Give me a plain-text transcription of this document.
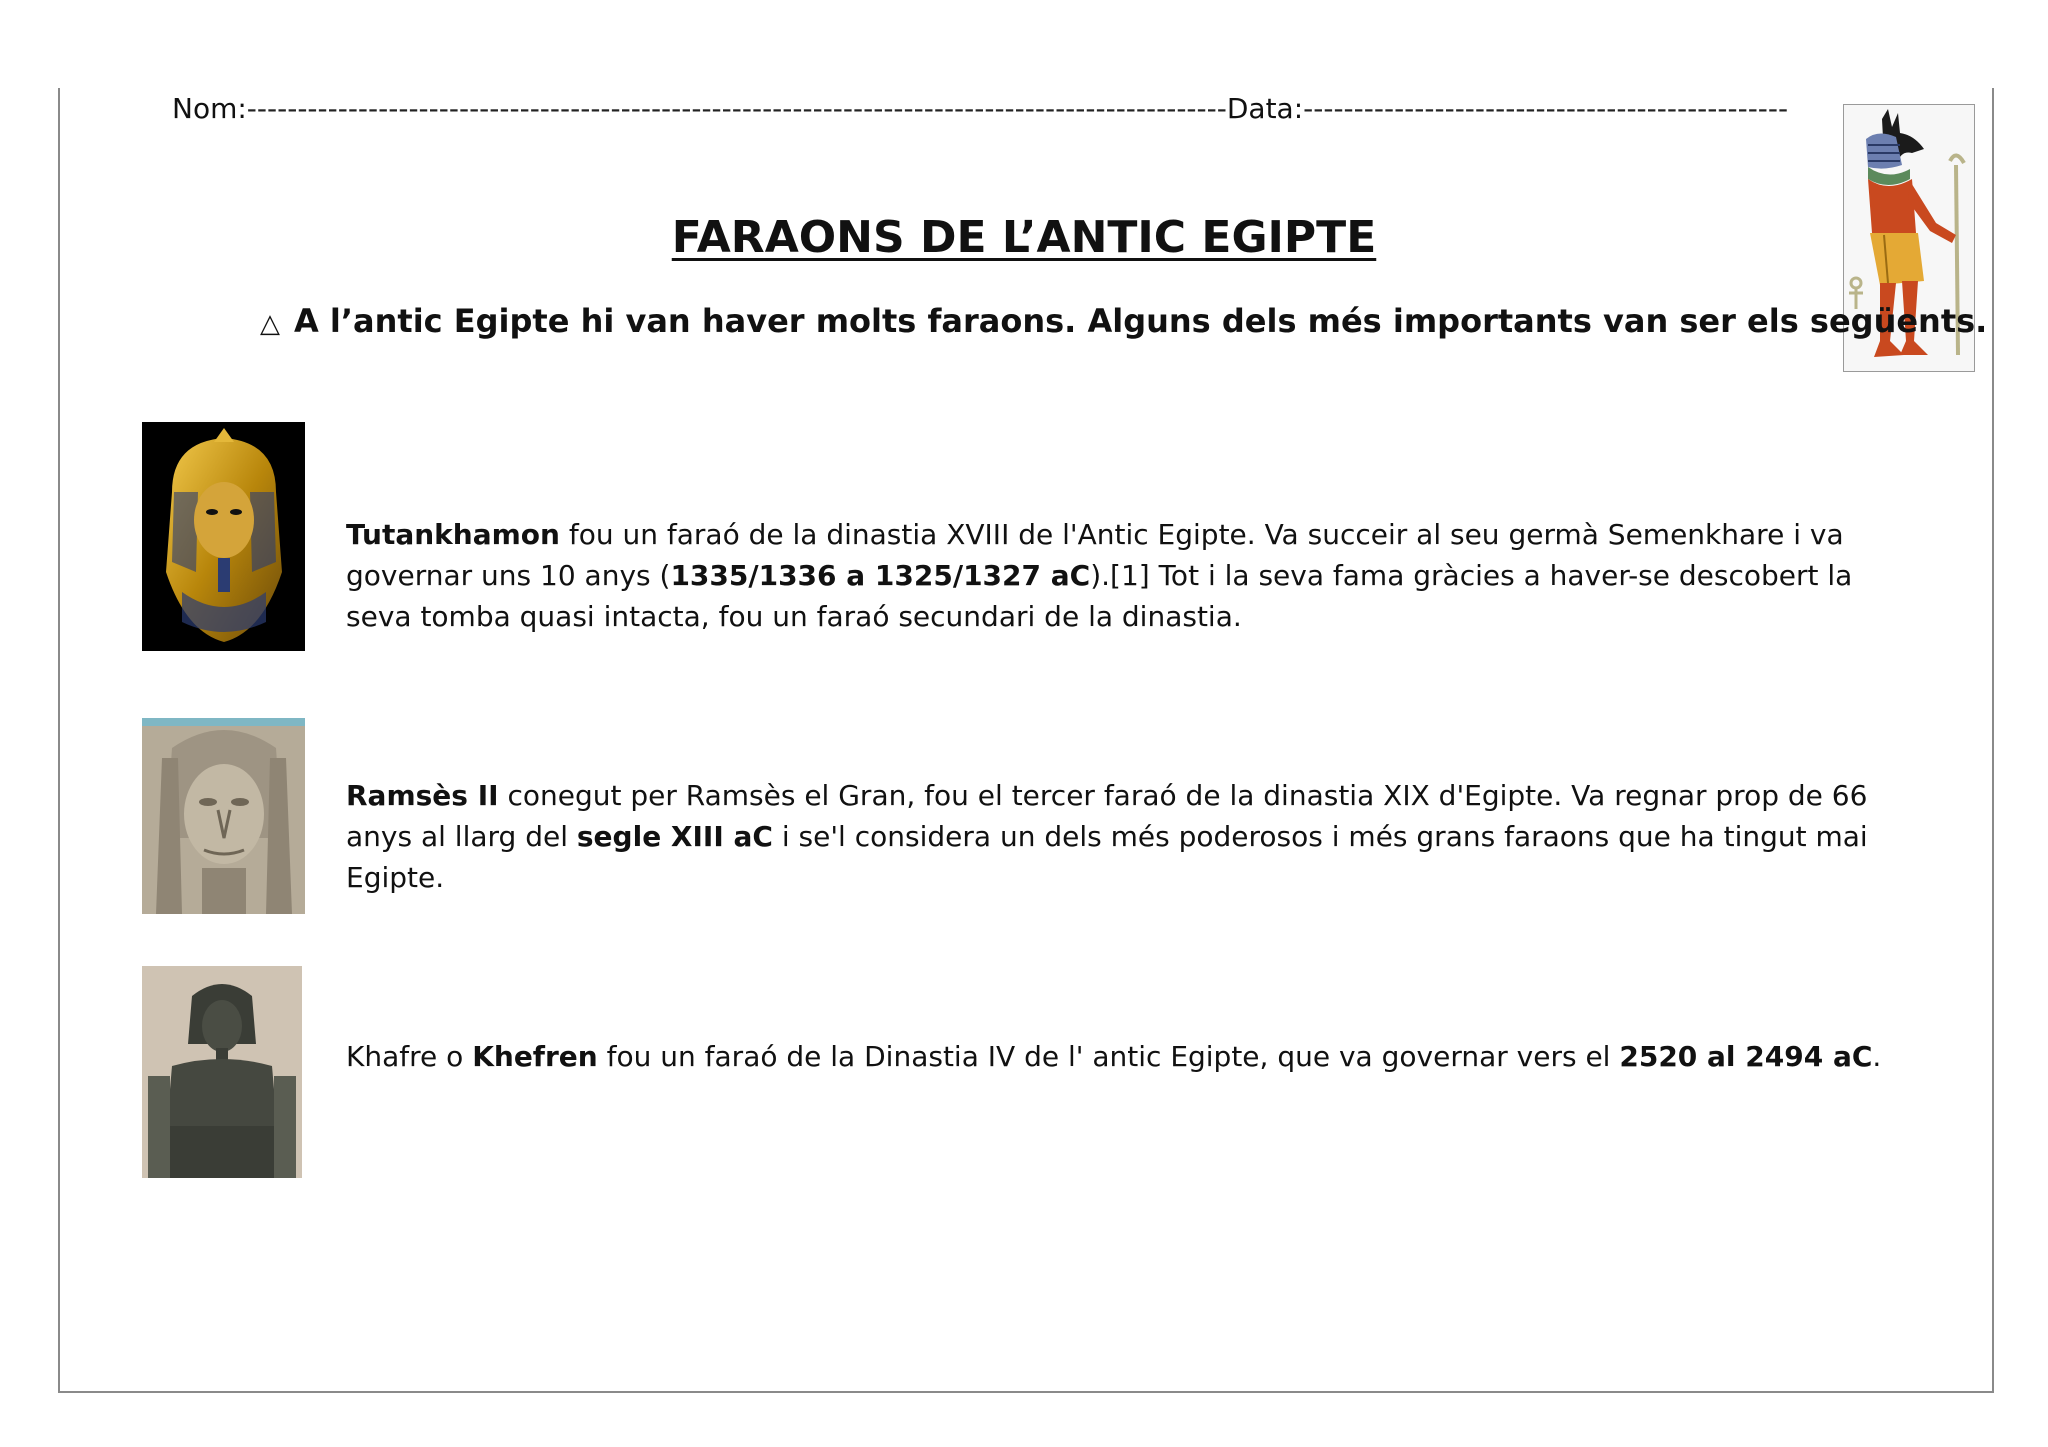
Nom:-------------------------------------------------------------------------------------------------Data:------------------------------------------------
FARAONS DE L’ANTIC EGIPTE
△ A l’antic Egipte hi van haver molts faraons. Alguns dels més importants van ser els següents.
Tutankhamon fou un faraó de la dinastia XVIII de l'Antic Egipte. Va succeir al seu germà Semenkhare i va governar uns 10 anys (1335/1336 a 1325/1327 aC).[1] Tot i la seva fama gràcies a haver-se descobert la seva tomba quasi intacta, fou un faraó secundari de la dinastia.
Ramsès II conegut per Ramsès el Gran, fou el tercer faraó de la dinastia XIX d'Egipte. Va regnar prop de 66 anys al llarg del segle XIII aC i se'l considera un dels més poderosos i més grans faraons que ha tingut mai Egipte.
Khafre o Khefren fou un faraó de la Dinastia IV de l' antic Egipte, que va governar vers el 2520 al 2494 aC.
